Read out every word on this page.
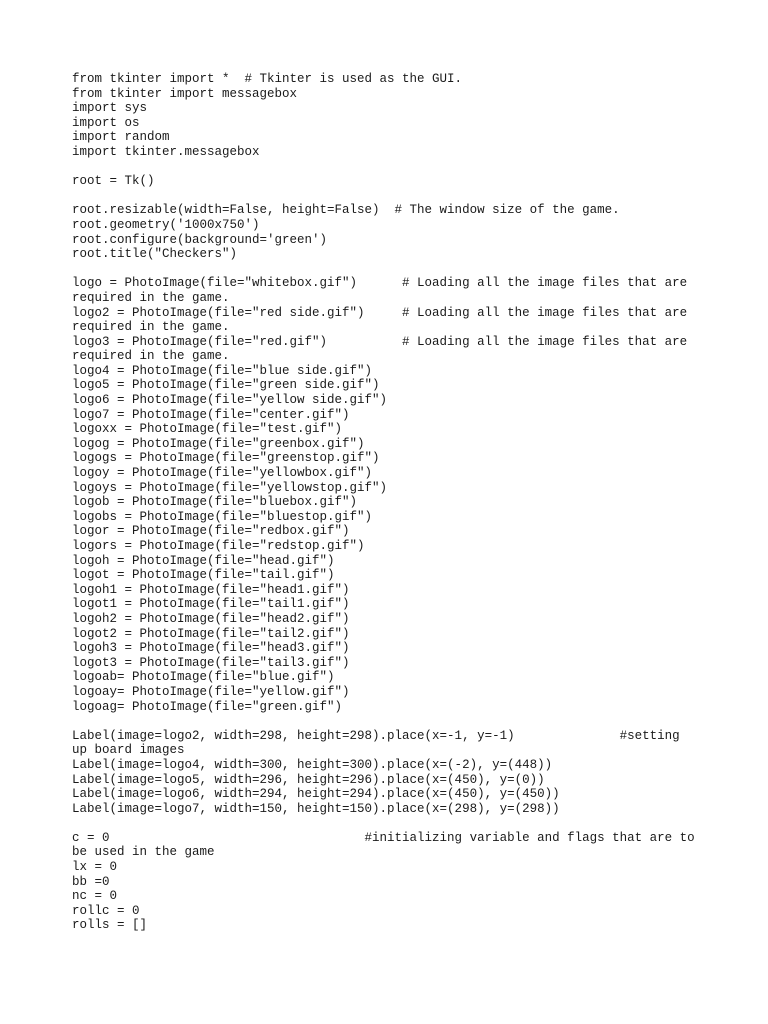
from tkinter import *  # Tkinter is used as the GUI.
from tkinter import messagebox
import sys
import os
import random
import tkinter.messagebox
root = Tk()
root.resizable(width=False, height=False)  # The window size of the game.
root.geometry('1000x750')
root.configure(background='green')
root.title("Checkers")
logo = PhotoImage(file="whitebox.gif")      # Loading all the image files that are
required in the game.
logo2 = PhotoImage(file="red side.gif")     # Loading all the image files that are
required in the game.
logo3 = PhotoImage(file="red.gif")          # Loading all the image files that are
required in the game.
logo4 = PhotoImage(file="blue side.gif")
logo5 = PhotoImage(file="green side.gif")
logo6 = PhotoImage(file="yellow side.gif")
logo7 = PhotoImage(file="center.gif")
logoxx = PhotoImage(file="test.gif")
logog = PhotoImage(file="greenbox.gif")
logogs = PhotoImage(file="greenstop.gif")
logoy = PhotoImage(file="yellowbox.gif")
logoys = PhotoImage(file="yellowstop.gif")
logob = PhotoImage(file="bluebox.gif")
logobs = PhotoImage(file="bluestop.gif")
logor = PhotoImage(file="redbox.gif")
logors = PhotoImage(file="redstop.gif")
logoh = PhotoImage(file="head.gif")
logot = PhotoImage(file="tail.gif")
logoh1 = PhotoImage(file="head1.gif")
logot1 = PhotoImage(file="tail1.gif")
logoh2 = PhotoImage(file="head2.gif")
logot2 = PhotoImage(file="tail2.gif")
logoh3 = PhotoImage(file="head3.gif")
logot3 = PhotoImage(file="tail3.gif")
logoab= PhotoImage(file="blue.gif")
logoay= PhotoImage(file="yellow.gif")
logoag= PhotoImage(file="green.gif")
Label(image=logo2, width=298, height=298).place(x=-1, y=-1)              #setting
up board images
Label(image=logo4, width=300, height=300).place(x=(-2), y=(448))
Label(image=logo5, width=296, height=296).place(x=(450), y=(0))
Label(image=logo6, width=294, height=294).place(x=(450), y=(450))
Label(image=logo7, width=150, height=150).place(x=(298), y=(298))
c = 0                                  #initializing variable and flags that are to
be used in the game
lx = 0
bb =0
nc = 0
rollc = 0
rolls = []
